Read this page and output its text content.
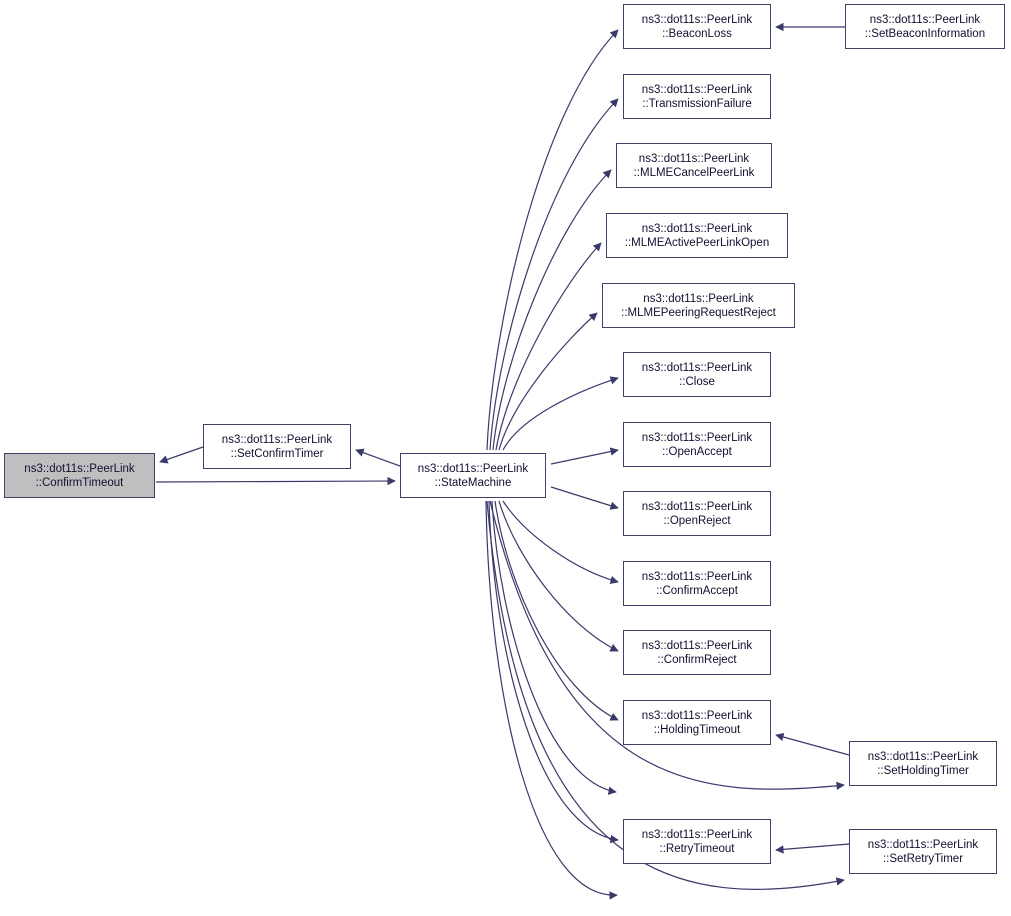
ns3::dot11s::PeerLink
::ConfirmTimeout
ns3::dot11s::PeerLink
::SetConfirmTimer
ns3::dot11s::PeerLink
::StateMachine
ns3::dot11s::PeerLink
::BeaconLoss
ns3::dot11s::PeerLink
::TransmissionFailure
ns3::dot11s::PeerLink
::MLMECancelPeerLink
ns3::dot11s::PeerLink
::MLMEActivePeerLinkOpen
ns3::dot11s::PeerLink
::MLMEPeeringRequestReject
ns3::dot11s::PeerLink
::Close
ns3::dot11s::PeerLink
::OpenAccept
ns3::dot11s::PeerLink
::OpenReject
ns3::dot11s::PeerLink
::ConfirmAccept
ns3::dot11s::PeerLink
::ConfirmReject
ns3::dot11s::PeerLink
::HoldingTimeout
ns3::dot11s::PeerLink
::RetryTimeout
ns3::dot11s::PeerLink
::SetBeaconInformation
ns3::dot11s::PeerLink
::SetHoldingTimer
ns3::dot11s::PeerLink
::SetRetryTimer
